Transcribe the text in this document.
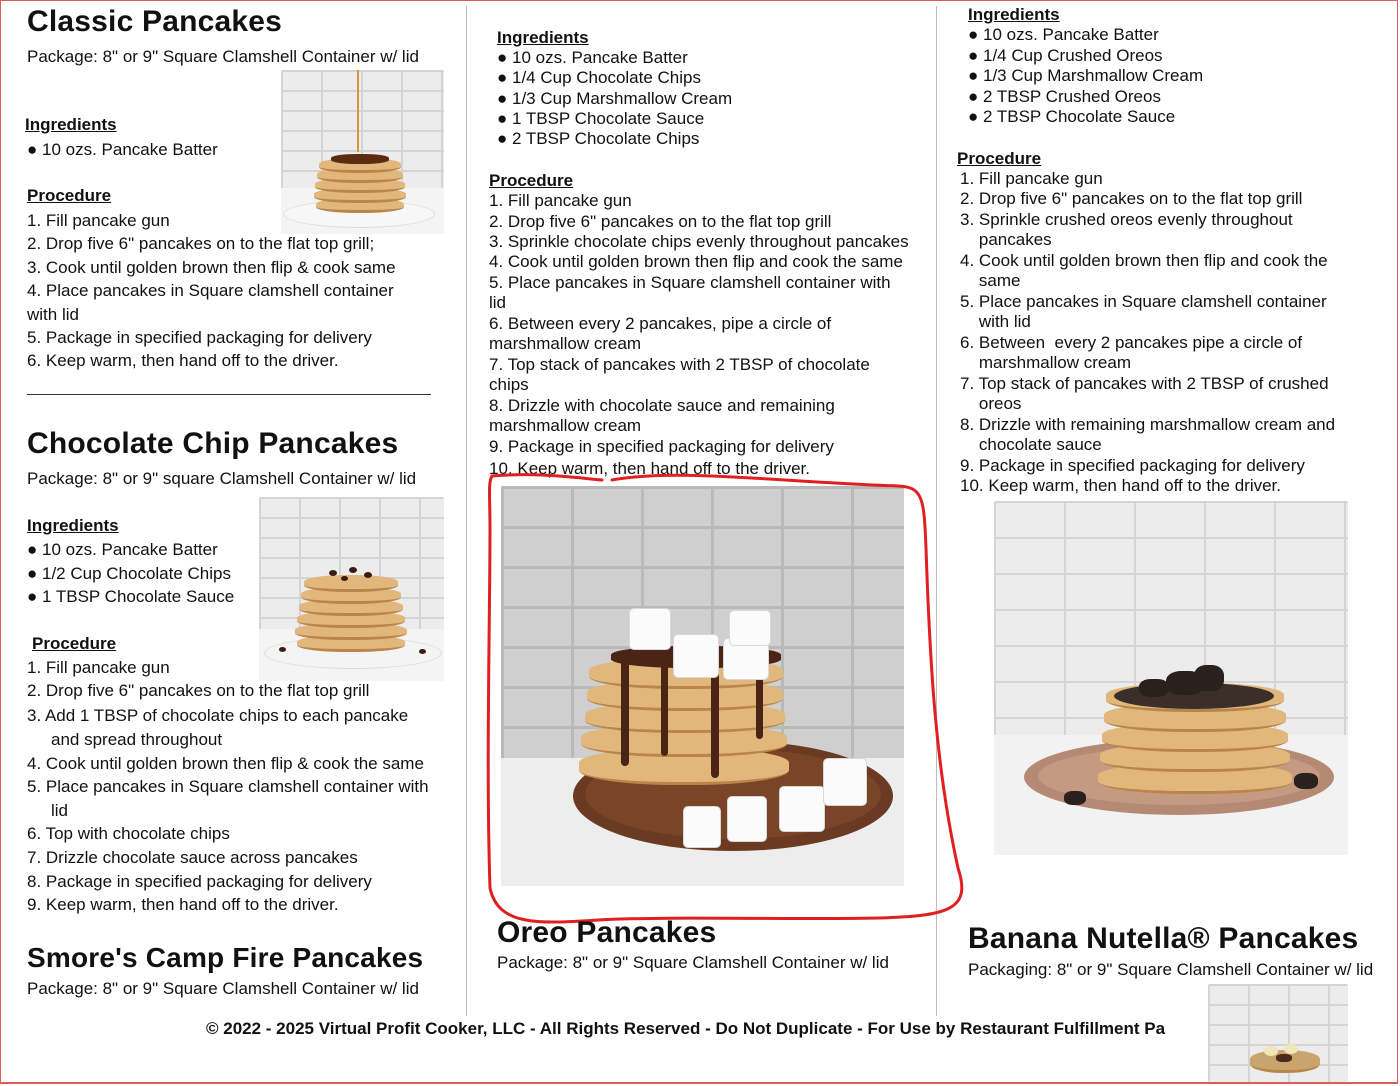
Classic Pancakes
Package: 8" or 9" Square Clamshell Container w/ lid
Ingredients
● 10 ozs. Pancake Batter
Procedure
1. Fill pancake gun
2. Drop five 6" pancakes on to the flat top grill;
3. Cook until golden brown then flip & cook same
4. Place pancakes in Square clamshell container
with lid
5. Package in specified packaging for delivery
6. Keep warm, then hand off to the driver.
Chocolate Chip Pancakes
Package: 8" or 9" square Clamshell Container w/ lid
Ingredients
● 10 ozs. Pancake Batter
● 1/2 Cup Chocolate Chips
● 1 TBSP Chocolate Sauce
Procedure
1. Fill pancake gun
2. Drop five 6" pancakes on to the flat top grill
3. Add 1 TBSP of chocolate chips to each pancake
and spread throughout
4. Cook until golden brown then flip & cook the same
5. Place pancakes in Square clamshell container with
lid
6. Top with chocolate chips
7. Drizzle chocolate sauce across pancakes
8. Package in specified packaging for delivery
9. Keep warm, then hand off to the driver.
Smore's Camp Fire Pancakes
Package: 8" or 9" Square Clamshell Container w/ lid
Ingredients
● 10 ozs. Pancake Batter
● 1/4 Cup Chocolate Chips
● 1/3 Cup Marshmallow Cream
● 1 TBSP Chocolate Sauce
● 2 TBSP Chocolate Chips
Procedure
1. Fill pancake gun
2. Drop five 6" pancakes on to the flat top grill
3. Sprinkle chocolate chips evenly throughout pancakes
4. Cook until golden brown then flip and cook the same
5. Place pancakes in Square clamshell container with
lid
6. Between every 2 pancakes, pipe a circle of
marshmallow cream
7. Top stack of pancakes with 2 TBSP of chocolate
chips
8. Drizzle with chocolate sauce and remaining
marshmallow cream
9. Package in specified packaging for delivery
10. Keep warm, then hand off to the driver.
Oreo Pancakes
Package: 8" or 9" Square Clamshell Container w/ lid
Ingredients
● 10 ozs. Pancake Batter
● 1/4 Cup Crushed Oreos
● 1/3 Cup Marshmallow Cream
● 2 TBSP Crushed Oreos
● 2 TBSP Chocolate Sauce
Procedure
1. Fill pancake gun
2. Drop five 6" pancakes on to the flat top grill
3. Sprinkle crushed oreos evenly throughout
pancakes
4. Cook until golden brown then flip and cook the
same
5. Place pancakes in Square clamshell container
with lid
6. Between  every 2 pancakes pipe a circle of
marshmallow cream
7. Top stack of pancakes with 2 TBSP of crushed
oreos
8. Drizzle with remaining marshmallow cream and
chocolate sauce
9. Package in specified packaging for delivery
10. Keep warm, then hand off to the driver.
Banana Nutella® Pancakes
Packaging: 8" or 9" Square Clamshell Container w/ lid
© 2022 - 2025 Virtual Profit Cooker, LLC - All Rights Reserved - Do Not Duplicate - For Use by Restaurant Fulfillment Pa
